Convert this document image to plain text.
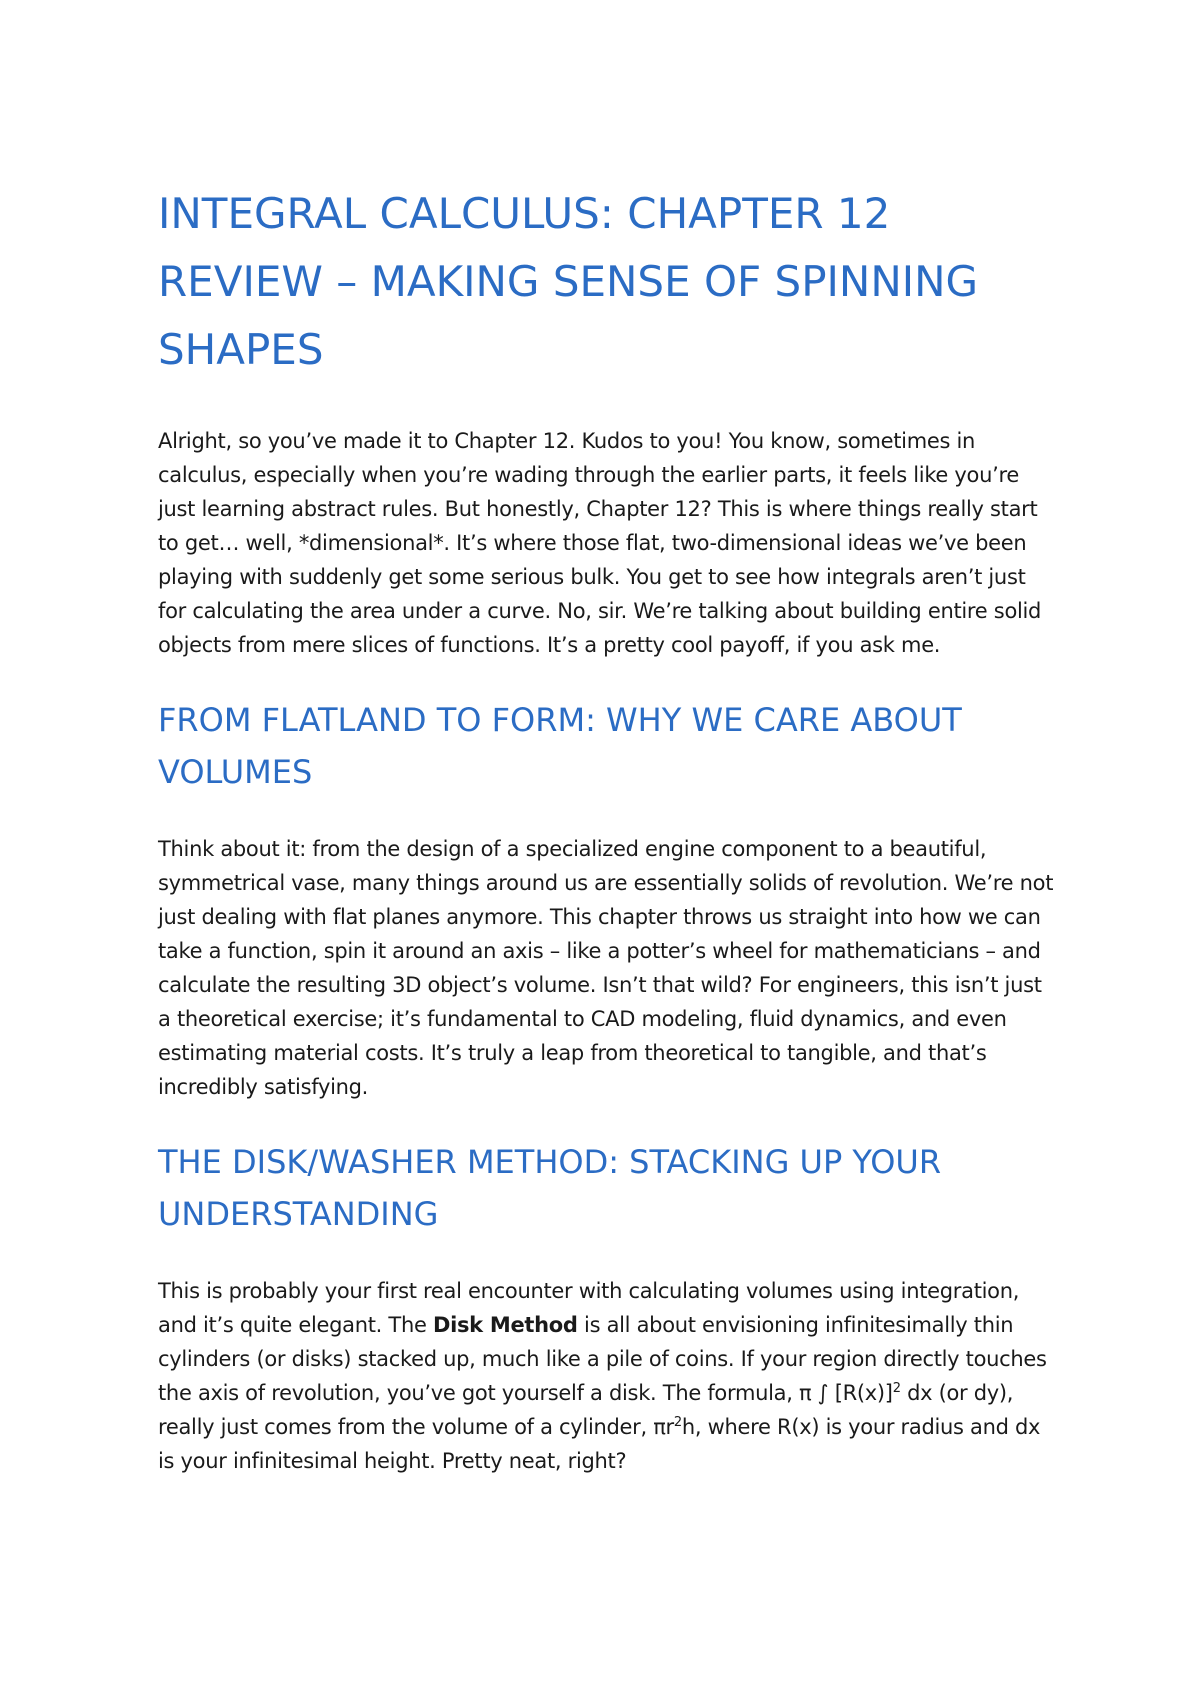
INTEGRAL CALCULUS: CHAPTER 12 REVIEW – MAKING SENSE OF SPINNING SHAPES

Alright, so you’ve made it to Chapter 12. Kudos to you! You know, sometimes in calculus, especially when you’re wading through the earlier parts, it feels like you’re just learning abstract rules. But honestly, Chapter 12? This is where things really start to get… well, *dimensional*. It’s where those flat, two-dimensional ideas we’ve been playing with suddenly get some serious bulk. You get to see how integrals aren’t just for calculating the area under a curve. No, sir. We’re talking about building entire solid objects from mere slices of functions. It’s a pretty cool payoff, if you ask me.

FROM FLATLAND TO FORM: WHY WE CARE ABOUT VOLUMES

Think about it: from the design of a specialized engine component to a beautiful, symmetrical vase, many things around us are essentially solids of revolution. We’re not just dealing with flat planes anymore. This chapter throws us straight into how we can take a function, spin it around an axis – like a potter’s wheel for mathematicians – and calculate the resulting 3D object’s volume. Isn’t that wild? For engineers, this isn’t just a theoretical exercise; it’s fundamental to CAD modeling, fluid dynamics, and even estimating material costs. It’s truly a leap from theoretical to tangible, and that’s incredibly satisfying.

THE DISK/WASHER METHOD: STACKING UP YOUR UNDERSTANDING

This is probably your first real encounter with calculating volumes using integration, and it’s quite elegant. The Disk Method is all about envisioning infinitesimally thin cylinders (or disks) stacked up, much like a pile of coins. If your region directly touches the axis of revolution, you’ve got yourself a disk. The formula, π ∫ $[R(x)]^2$ dx (or dy), really just comes from the volume of a cylinder, $\pi r^2h$, where R(x) is your radius and dx is your infinitesimal height. Pretty neat, right?
